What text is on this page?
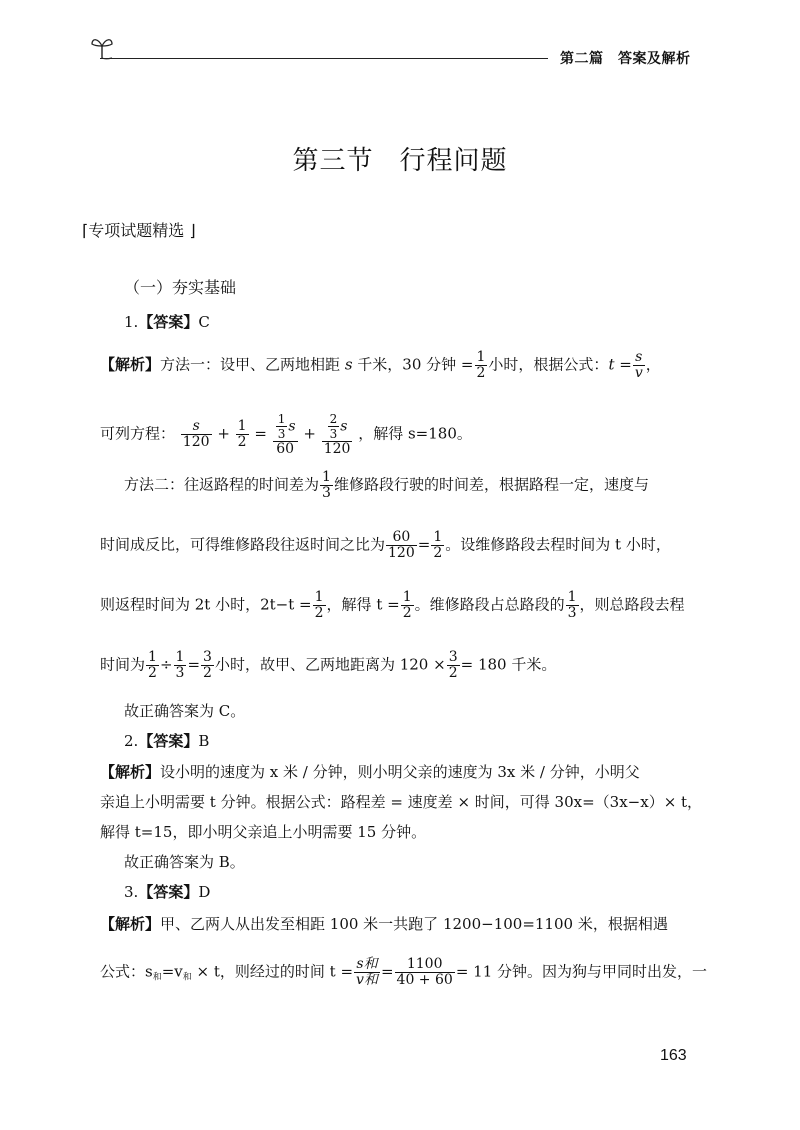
第二篇　答案及解析
第三节 行程问题
⌈专项试题精选 ⌋
（一）夯实基础
1.【答案】C
【解析】方法一：设甲、乙两地相距 s 千米，30 分钟 = $\frac{1}{2}$ 小时，根据公式：$t = \frac{s}{v}$ ，
可列方程： $\frac{s}{120} + \frac{1}{2} = \frac{\frac{1}{3} s}{60} + \frac{\frac{2}{3} s}{120}$ ，解得 s=180。
方法二：往返路程的时间差为 $\frac{1}{3}$ 维修路段行驶的时间差，根据路程一定，速度与
时间成反比，可得维修路段往返时间之比为 $\frac{60}{120} = \frac{1}{2}$ 。设维修路段去程时间为 t 小时，
则返程时间为 2t 小时，$2t-t = \frac{1}{2}$ ，解得 $t = \frac{1}{2}$ 。维修路段占总路段的 $\frac{1}{3}$ ，则总路段去程
时间为 $\frac{1}{2} \div \frac{1}{3} = \frac{3}{2}$ 小时，故甲、乙两地距离为 $120 \times \frac{3}{2} = 180$ 千米。
故正确答案为 C。
2.【答案】B
【解析】设小明的速度为 x 米 / 分钟，则小明父亲的速度为 3x 米 / 分钟，小明父
亲追上小明需要 t 分钟。根据公式：路程差 = 速度差 × 时间，可得 30x=（3x−x）× t，
解得 t=15，即小明父亲追上小明需要 15 分钟。
故正确答案为 B。
3.【答案】D
【解析】甲、乙两人从出发至相距 100 米一共跑了 1200−100=1100 米，根据相遇
公式：$s_和=v_和 \times t$，则经过的时间 $t = \frac{\text{s和}}{\text{v和}} = \frac{1100}{40 + 60} = 11$ 分钟。因为狗与甲同时出发，一
163
